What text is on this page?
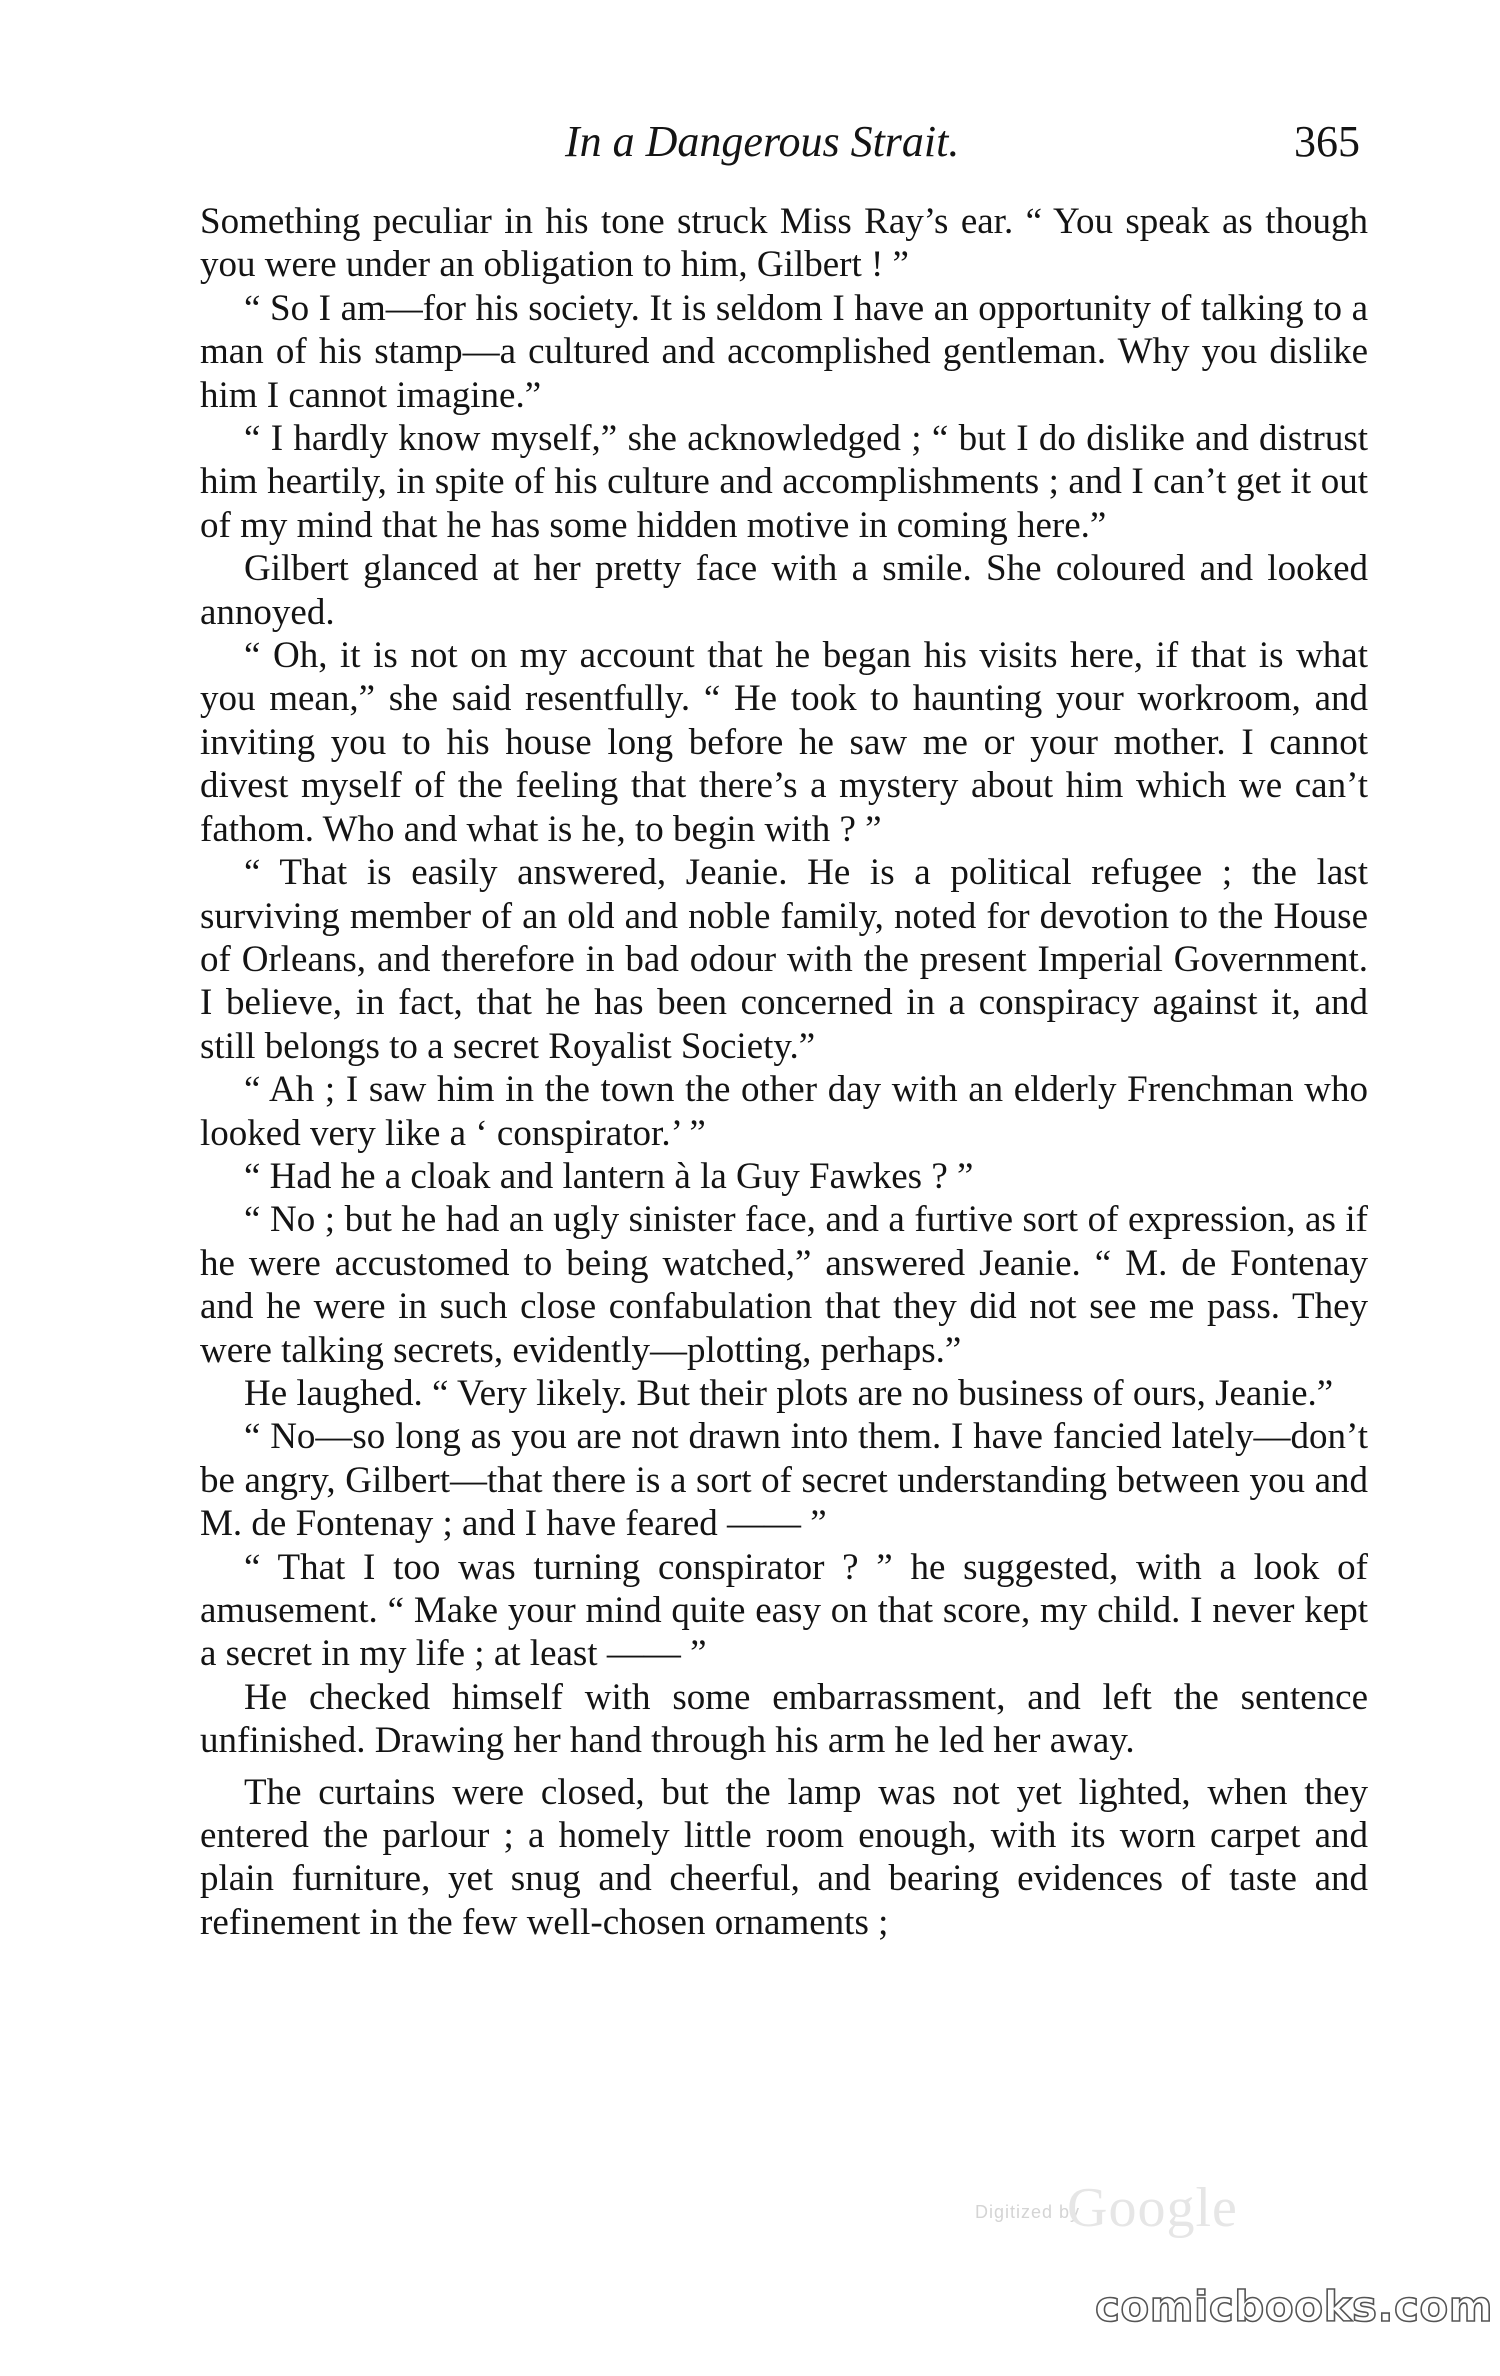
In a Dangerous Strait.	365

Something peculiar in his tone struck Miss Ray’s ear. “ You speak as though you were under an obligation to him, Gilbert ! ”

“ So I am—for his society. It is seldom I have an opportunity of talking to a man of his stamp—a cultured and accomplished gentleman. Why you dislike him I cannot imagine.”

“ I hardly know myself,” she acknowledged ; “ but I do dislike and distrust him heartily, in spite of his culture and accomplishments ; and I can’t get it out of my mind that he has some hidden motive in coming here.”

Gilbert glanced at her pretty face with a smile. She coloured and looked annoyed.

“ Oh, it is not on my account that he began his visits here, if that is what you mean,” she said resentfully. “ He took to haunting your workroom, and inviting you to his house long before he saw me or your mother. I cannot divest myself of the feeling that there’s a mystery about him which we can’t fathom. Who and what is he, to begin with ? ”

“ That is easily answered, Jeanie. He is a political refugee ; the last surviving member of an old and noble family, noted for devotion to the House of Orleans, and therefore in bad odour with the present Imperial Government. I believe, in fact, that he has been concerned in a conspiracy against it, and still belongs to a secret Royalist Society.”

“ Ah ; I saw him in the town the other day with an elderly Frenchman who looked very like a ‘ conspirator.’ ”

“ Had he a cloak and lantern à la Guy Fawkes ? ”

“ No ; but he had an ugly sinister face, and a furtive sort of expression, as if he were accustomed to being watched,” answered Jeanie. “ M. de Fontenay and he were in such close confabulation that they did not see me pass. They were talking secrets, evidently—plotting, perhaps.”

He laughed. “ Very likely. But their plots are no business of ours, Jeanie.”

“ No—so long as you are not drawn into them. I have fancied lately—don’t be angry, Gilbert—that there is a sort of secret understanding between you and M. de Fontenay ; and I have feared —— ”

“ That I too was turning conspirator ? ” he suggested, with a look of amusement. “ Make your mind quite easy on that score, my child. I never kept a secret in my life ; at least —— ”

He checked himself with some embarrassment, and left the sentence unfinished. Drawing her hand through his arm he led her away.

The curtains were closed, but the lamp was not yet lighted, when they entered the parlour ; a homely little room enough, with its worn carpet and plain furniture, yet snug and cheerful, and bearing evidences of taste and refinement in the few well-chosen ornaments ;

Digitized by
Google
comicbooks.com
